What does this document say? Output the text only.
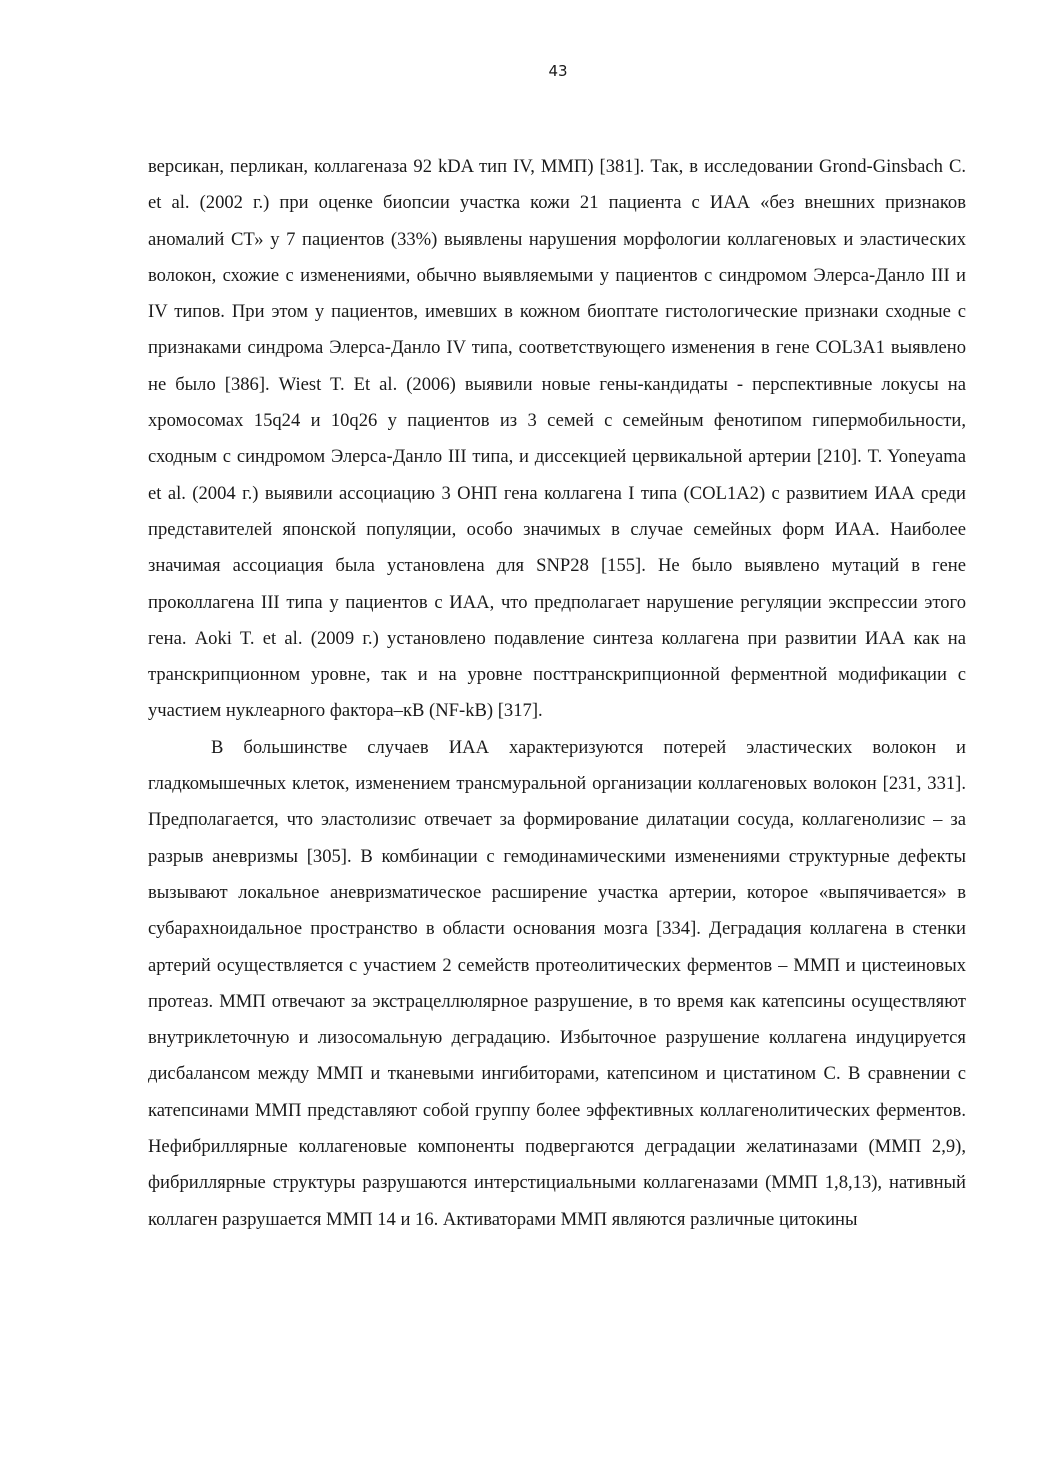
43

версикан, перликан, коллагеназа 92 kDA тип IV, ММП) [381]. Так, в исследовании Grond-Ginsbach C. et al. (2002 г.) при оценке биопсии участка кожи 21 пациента с ИАА «без внешних признаков аномалий СТ» у 7 пациентов (33%) выявлены нарушения морфологии коллагеновых и эластических волокон, схожие с изменениями, обычно выявляемыми у пациентов с синдромом Элерса-Данло III и IV типов. При этом у пациентов, имевших в кожном биоптате гистологические признаки сходные с признаками синдрома Элерса-Данло IV типа, соответствующего изменения в гене COL3A1 выявлено не было [386]. Wiest T. Et al. (2006) выявили новые гены-кандидаты - перспективные локусы на хромосомах 15q24 и 10q26 у пациентов из 3 семей с семейным фенотипом гипермобильности, сходным с синдромом Элерса-Данло III типа, и диссекцией цервикальной артерии [210]. T. Yoneyama et al. (2004 г.) выявили ассоциацию 3 ОНП гена коллагена I типа (COL1A2) с развитием ИАА среди представителей японской популяции, особо значимых в случае семейных форм ИАА. Наиболее значимая ассоциация была установлена для SNP28 [155]. Не было выявлено мутаций в гене проколлагена III типа у пациентов с ИАА, что предполагает нарушение регуляции экспрессии этого гена. Aoki T. et al. (2009 г.) установлено подавление синтеза коллагена при развитии ИАА как на транскрипционном уровне, так и на уровне посттранскрипционной ферментной модификации с участием нуклеарного фактора–кВ (NF-kB) [317].

В большинстве случаев ИАА характеризуются потерей эластических волокон и гладкомышечных клеток, изменением трансмуральной организации коллагеновых волокон [231, 331]. Предполагается, что эластолизис отвечает за формирование дилатации сосуда, коллагенолизис – за разрыв аневризмы [305]. В комбинации с гемодинамическими изменениями структурные дефекты вызывают локальное аневризматическое расширение участка артерии, которое «выпячивается» в субарахноидальное пространство в области основания мозга [334]. Деградация коллагена в стенки артерий осуществляется с участием 2 семейств протеолитических ферментов – ММП и цистеиновых протеаз. ММП отвечают за экстрацеллюлярное разрушение, в то время как катепсины осуществляют внутриклеточную и лизосомальную деградацию. Избыточное разрушение коллагена индуцируется дисбалансом между ММП и тканевыми ингибиторами, катепсином и цистатином С. В сравнении с катепсинами ММП представляют собой группу более эффективных коллагенолитических ферментов. Нефибриллярные коллагеновые компоненты подвергаются деградации желатиназами (ММП 2,9), фибриллярные структуры разрушаются интерстициальными коллагеназами (ММП 1,8,13), нативный коллаген разрушается ММП 14 и 16. Активаторами ММП являются различные цитокины
